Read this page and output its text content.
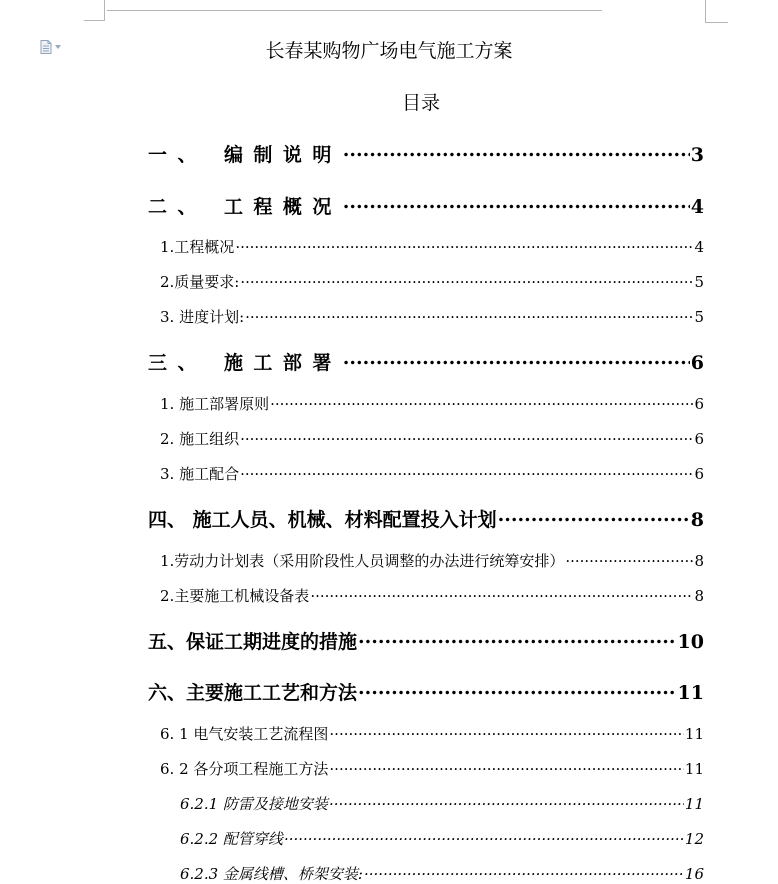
长春某购物广场电气施工方案
目录
一、 编制说明 .....	3
二、 工程概况 .....	4
1.工程概况 .....	4
2.质量要求: .....	5
3. 进度计划: .....	5
三、 施工部署 .....	6
1. 施工部署原则 .....	6
2. 施工组织 .....	6
3. 施工配合 .....	6
四、 施工人员、机械、材料配置投入计划 .....	8
1.劳动力计划表（采用阶段性人员调整的办法进行统筹安排） .....	8
2.主要施工机械设备表 .....	8
五、保证工期进度的措施 .....	10
六、主要施工工艺和方法 .....	11
6. 1 电气安装工艺流程图 .....	11
6. 2 各分项工程施工方法 .....	11
6.2.1 防雷及接地安装 .....	11
6.2.2 配管穿线 .....	12
6.2.3 金属线槽、桥架安装: .....	16
